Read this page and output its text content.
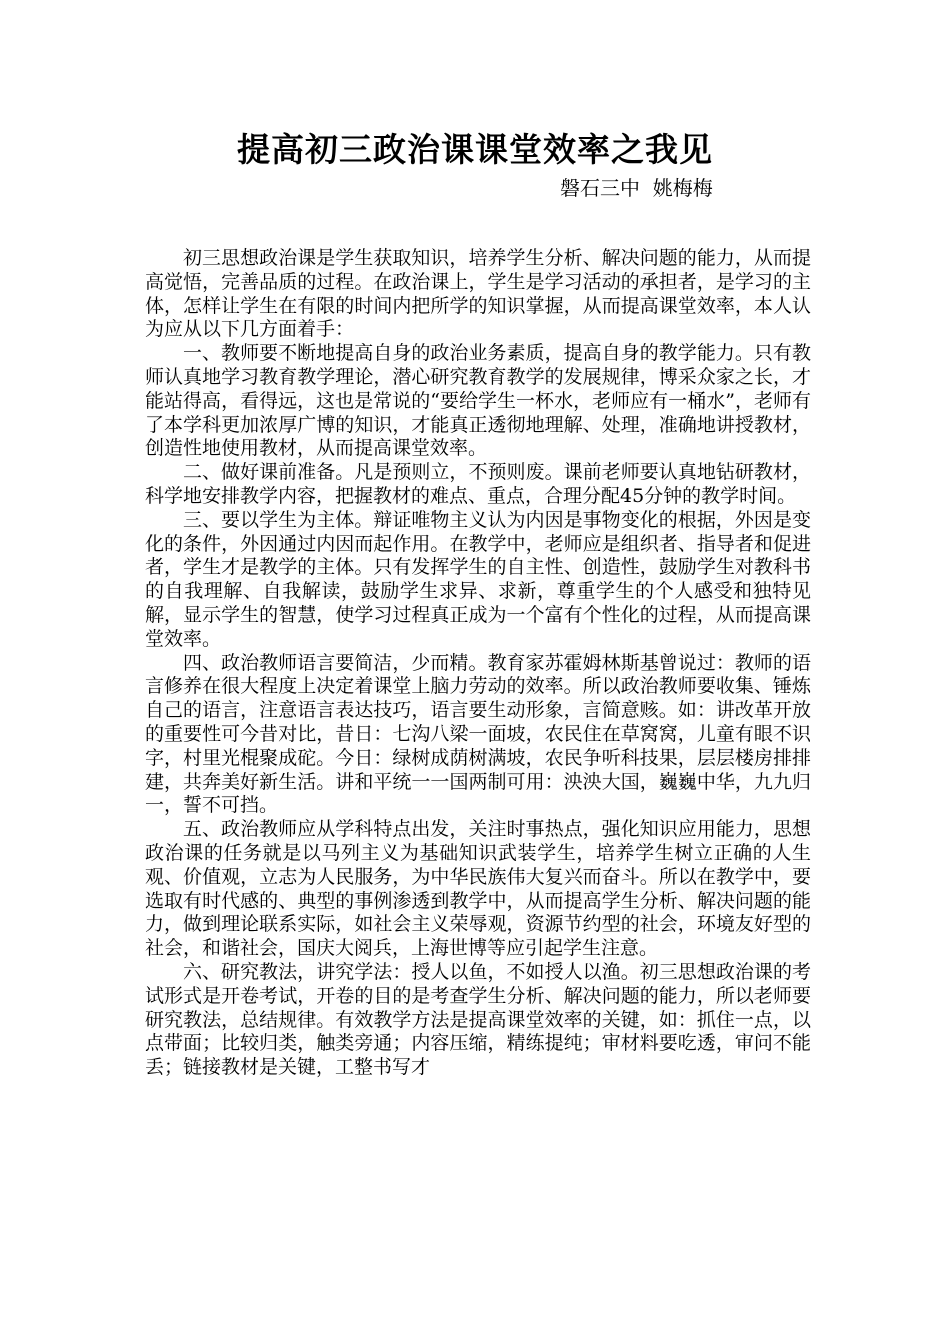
提高初三政治课课堂效率之我见
磐石三中  姚梅梅

初三思想政治课是学生获取知识，培养学生分析、解决问题的能力，从而提高觉悟，完善品质的过程。在政治课上，学生是学习活动的承担者，是学习的主体，怎样让学生在有限的时间内把所学的知识掌握，从而提高课堂效率，本人认为应从以下几方面着手：

一、教师要不断地提高自身的政治业务素质，提高自身的教学能力。只有教师认真地学习教育教学理论，潜心研究教育教学的发展规律，博采众家之长，才能站得高，看得远，这也是常说的“要给学生一杯水，老师应有一桶水”，老师有了本学科更加浓厚广博的知识，才能真正透彻地理解、处理，准确地讲授教材，创造性地使用教材，从而提高课堂效率。

二、做好课前准备。凡是预则立，不预则废。课前老师要认真地钻研教材，科学地安排教学内容，把握教材的难点、重点，合理分配45分钟的教学时间。

三、要以学生为主体。辩证唯物主义认为内因是事物变化的根据，外因是变化的条件，外因通过内因而起作用。在教学中，老师应是组织者、指导者和促进者，学生才是教学的主体。只有发挥学生的自主性、创造性，鼓励学生对教科书的自我理解、自我解读，鼓励学生求异、求新，尊重学生的个人感受和独特见解，显示学生的智慧，使学习过程真正成为一个富有个性化的过程，从而提高课堂效率。

四、政治教师语言要简洁，少而精。教育家苏霍姆林斯基曾说过：教师的语言修养在很大程度上决定着课堂上脑力劳动的效率。所以政治教师要收集、锤炼自己的语言，注意语言表达技巧，语言要生动形象，言简意赅。如：讲改革开放的重要性可今昔对比，昔日：七沟八梁一面坡，农民住在草窝窝，儿童有眼不识字，村里光棍聚成砣。今日：绿树成荫树满坡，农民争听科技果，层层楼房排排建，共奔美好新生活。讲和平统一一国两制可用：泱泱大国，巍巍中华，九九归一，誓不可挡。

五、政治教师应从学科特点出发，关注时事热点，强化知识应用能力，思想政治课的任务就是以马列主义为基础知识武装学生，培养学生树立正确的人生观、价值观，立志为人民服务，为中华民族伟大复兴而奋斗。所以在教学中，要选取有时代感的、典型的事例渗透到教学中，从而提高学生分析、解决问题的能力，做到理论联系实际，如社会主义荣辱观，资源节约型的社会，环境友好型的社会，和谐社会，国庆大阅兵，上海世博等应引起学生注意。

六、研究教法，讲究学法：授人以鱼，不如授人以渔。初三思想政治课的考试形式是开卷考试，开卷的目的是考查学生分析、解决问题的能力，所以老师要研究教法，总结规律。有效教学方法是提高课堂效率的关键，如：抓住一点，以点带面；比较归类，触类旁通；内容压缩，精练提纯；审材料要吃透，审问不能丢；链接教材是关键，工整书写才
